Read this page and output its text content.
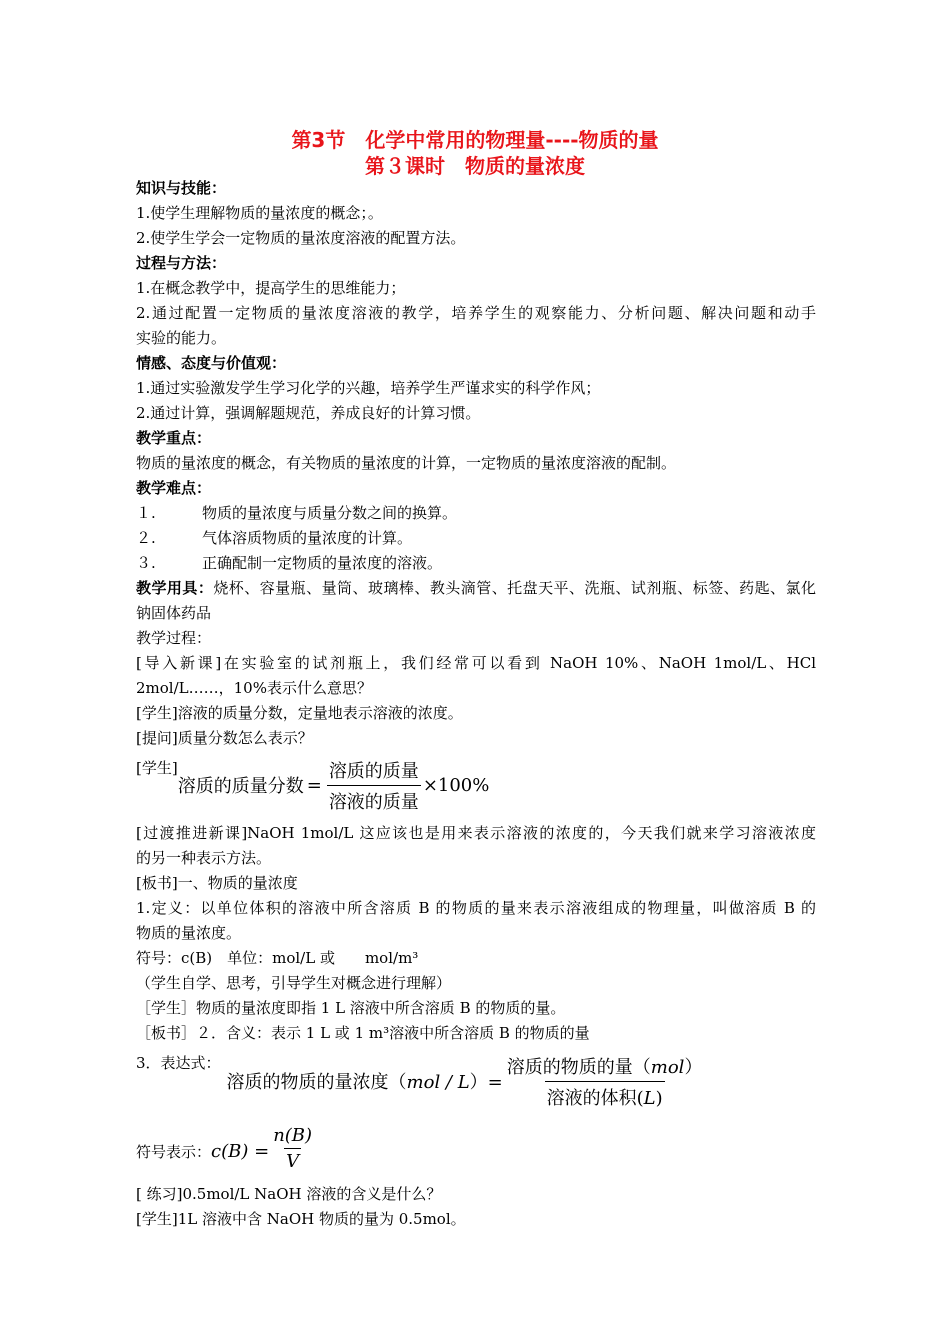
第3节　化学中常用的物理量----物质的量
第３课时　物质的量浓度
知识与技能：
1.使学生理解物质的量浓度的概念；。
2.使学生学会一定物质的量浓度溶液的配置方法。
过程与方法：
1.在概念教学中，提高学生的思维能力；
2.通过配置一定物质的量浓度溶液的教学，培养学生的观察能力、分析问题、解决问题和动手
实验的能力。
情感、态度与价值观：
1.通过实验激发学生学习化学的兴趣，培养学生严谨求实的科学作风；
2.通过计算，强调解题规范，养成良好的计算习惯。
教学重点：
物质的量浓度的概念，有关物质的量浓度的计算，一定物质的量浓度溶液的配制。
教学难点：
１.	物质的量浓度与质量分数之间的换算。
２.	气体溶质物质的量浓度的计算。
３.	正确配制一定物质的量浓度的溶液。
教学用具：烧杯、容量瓶、量筒、玻璃棒、教头滴管、托盘天平、洗瓶、试剂瓶、标签、药匙、氯化
钠固体药品
教学过程：
[导入新课]在实验室的试剂瓶上，我们经常可以看到 NaOH 10%、NaOH 1mol/L、HCl
2mol/L……，10%表示什么意思？
[学生]溶液的质量分数，定量地表示溶液的浓度。
[提问]质量分数怎么表示？
[学生]
溶质的质量分数 = $\frac{\text{溶质的质量}}{\text{溶液的质量}} \times 100\%$
[过渡推进新课]NaOH 1mol/L 这应该也是用来表示溶液的浓度的，今天我们就来学习溶液浓度
的另一种表示方法。
[板书]一、物质的量浓度
1.定义：以单位体积的溶液中所含溶质 B 的物质的量来表示溶液组成的物理量，叫做溶质 B 的
物质的量浓度。
符号：c(B)　单位：mol/L 或　　mol/m³
（学生自学、思考，引导学生对概念进行理解）
［学生］物质的量浓度即指 1 L 溶液中所含溶质 B 的物质的量。
［板书］２．含义：表示 1 L 或 1 m³溶液中所含溶质 B 的物质的量
3．表达式：
溶质的物质的量浓度$(mol / L)= \frac{\text{溶质的物质的量（mol）}}{\text{溶液的体积(L)}}$
符号表示： $c(B) = \frac{n(B)}{V}$
[ 练习]0.5mol/L NaOH 溶液的含义是什么？
[学生]1L 溶液中含 NaOH 物质的量为 0.5mol。
